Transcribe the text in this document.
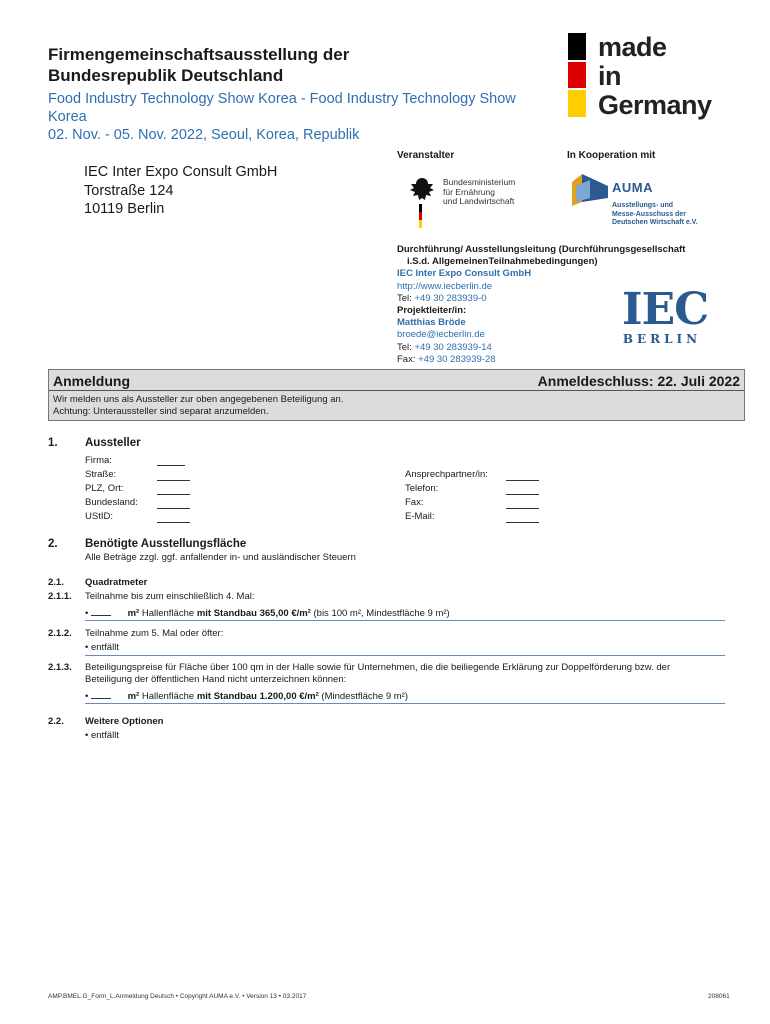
Firmengemeinschaftsausstellung der
Bundesrepublik Deutschland
Food Industry Technology Show Korea - Food Industry Technology Show
Korea
02. Nov. - 05. Nov. 2022, Seoul, Korea, Republik
made
in
Germany
Veranstalter	In Kooperation mit
IEC Inter Expo Consult GmbH
Torstraße 124
10119 Berlin
Bundesministerium
für Ernährung
und Landwirtschaft
AUMA
Ausstellungs- und
Messe-Ausschuss der
Deutschen Wirtschaft e.V.
Durchführung/ Ausstellungsleitung (Durchführungsgesellschaft
i.S.d. AllgemeinenTeilnahmebedingungen)
IEC Inter Expo Consult GmbH
http://www.iecberlin.de
Tel: +49 30 283939-0
Projektleiter/in:
Matthias Bröde
broede@iecberlin.de
Tel: +49 30 283939-14
Fax: +49 30 283939-28
IEC
BERLIN
Anmeldung	Anmeldeschluss: 22. Juli 2022
Wir melden uns als Aussteller zur oben angegebenen Beteiligung an.
Achtung: Unteraussteller sind separat anzumelden.
1. Aussteller
Firma:
Straße:
PLZ, Ort:
Bundesland:
UStID:
Ansprechpartner/in:
Telefon:
Fax:
E-Mail:
2. Benötigte Ausstellungsfläche
Alle Beträge zzgl. ggf. anfallender in- und ausländischer Steuern
2.1. Quadratmeter
2.1.1. Teilnahme bis zum einschließlich 4. Mal:
•	m² Hallenfläche mit Standbau 365,00 €/m² (bis 100 m², Mindestfläche 9 m²)
2.1.2. Teilnahme zum 5. Mal oder öfter:
• entfällt
2.1.3. Beteiligungspreise für Fläche über 100 qm in der Halle sowie für Unternehmen, die die beiliegende Erklärung zur Doppelförderung bzw. der
Beteiligung der öffentlichen Hand nicht unterzeichnen können:
•	m² Hallenfläche mit Standbau 1.200,00 €/m² (Mindestfläche 9 m²)
2.2. Weitere Optionen
• entfällt
AMP.BMEL.G_Form_L.Anmeldung Deutsch • Copyright AUMA e.V. • Version 13 • 03.2017	208061
